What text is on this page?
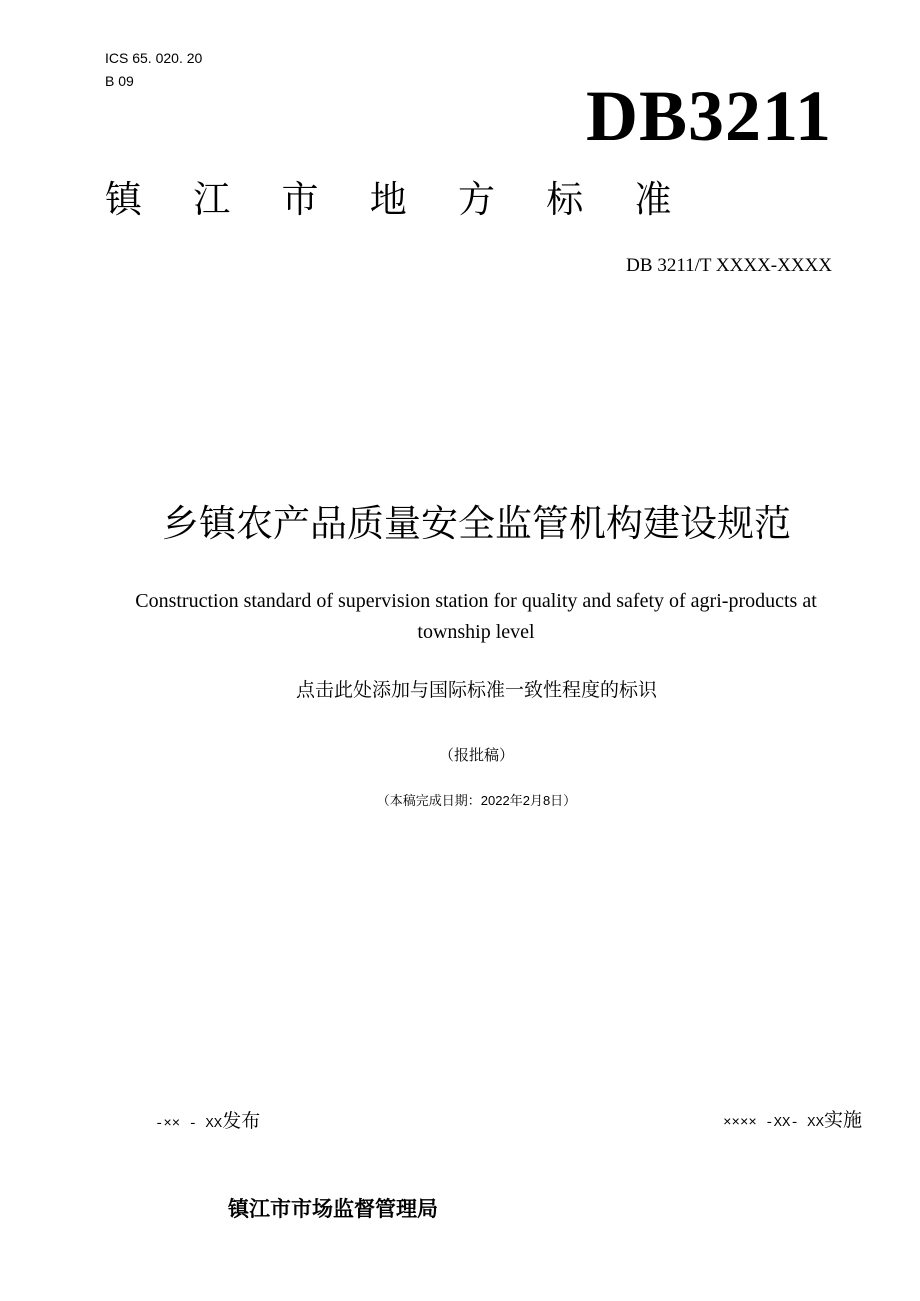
ICS 65. 020. 20
B 09	DB3211
镇 江 市 地 方 标 准
DB 3211/T XXXX-XXXX
乡镇农产品质量安全监管机构建设规范
Construction standard of supervision station for quality and safety of agri-products at township level
点击此处添加与国际标准一致性程度的标识
（报批稿）
（本稿完成日期：2022年2月8日）
-×× - XX发布	×××× -XX- XX实施
镇江市市场监督管理局
